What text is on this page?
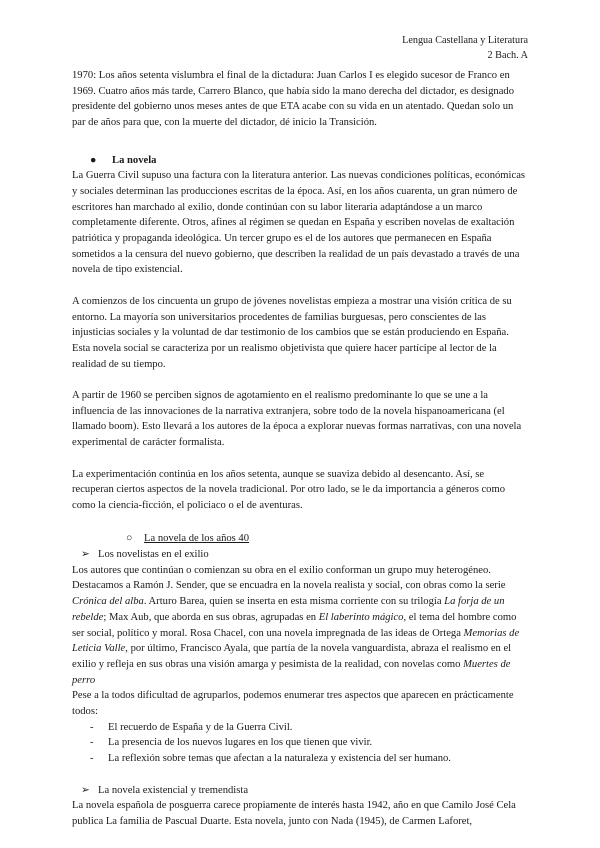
Lengua Castellana y Literatura
2 Bach. A

1970: Los años setenta vislumbra el final de la dictadura: Juan Carlos I es elegido sucesor de Franco en 1969. Cuatro años más tarde, Carrero Blanco, que había sido la mano derecha del dictador, es designado presidente del gobierno unos meses antes de que ETA acabe con su vida en un atentado. Quedan solo un par de años para que, con la muerte del dictador, dé inicio la Transición.

● La novela

La Guerra Civil supuso una factura con la literatura anterior. Las nuevas condiciones políticas, económicas y sociales determinan las producciones escritas de la época. Así, en los años cuarenta, un gran número de escritores han marchado al exilio, donde continúan con su labor literaria adaptándose a un marco completamente diferente. Otros, afines al régimen se quedan en España y escriben novelas de exaltación patriótica y propaganda ideológica. Un tercer grupo es el de los autores que permanecen en España sometidos a la censura del nuevo gobierno, que describen la realidad de un país devastado a través de una novela de tipo existencial.

A comienzos de los cincuenta un grupo de jóvenes novelistas empieza a mostrar una visión crítica de su entorno. La mayoría son universitarios procedentes de familias burguesas, pero conscientes de las injusticias sociales y la voluntad de dar testimonio de los cambios que se están produciendo en España. Esta novela social se caracteriza por un realismo objetivista que quiere hacer partícipe al lector de la realidad de su tiempo.

A partir de 1960 se perciben signos de agotamiento en el realismo predominante lo que se une a la influencia de las innovaciones de la narrativa extranjera, sobre todo de la novela hispanoamericana (el llamado boom). Esto llevará a los autores de la época a explorar nuevas formas narrativas, con una novela experimental de carácter formalista.

La experimentación continúa en los años setenta, aunque se suaviza debido al desencanto. Así, se recuperan ciertos aspectos de la novela tradicional. Por otro lado, se le da importancia a géneros como como la ciencia-ficción, el policiaco o el de aventuras.

○ La novela de los años 40
➢ Los novelistas en el exilio

Los autores que continúan o comienzan su obra en el exilio conforman un grupo muy heterogéneo.

Destacamos a Ramón J. Sender, que se encuadra en la novela realista y social, con obras como la serie Crónica del alba. Arturo Barea, quien se inserta en esta misma corriente con su trilogía La forja de un rebelde; Max Aub, que aborda en sus obras, agrupadas en El laberinto mágico, el tema del hombre como ser social, político y moral. Rosa Chacel, con una novela impregnada de las ideas de Ortega Memorias de Leticia Valle, por último, Francisco Ayala, que partía de la novela vanguardista, abraza el realismo en el exilio y refleja en sus obras una visión amarga y pesimista de la realidad, con novelas como Muertes de perro

Pese a la todos dificultad de agruparlos, podemos enumerar tres aspectos que aparecen en prácticamente todos:

- El recuerdo de España y de la Guerra Civil.
- La presencia de los nuevos lugares en los que tienen que vivir.
- La reflexión sobre temas que afectan a la naturaleza y existencia del ser humano.
➢ La novela existencial y tremendista

La novela española de posguerra carece propiamente de interés hasta 1942, año en que Camilo José Cela publica La familia de Pascual Duarte. Esta novela, junto con Nada (1945), de Carmen Laforet,
